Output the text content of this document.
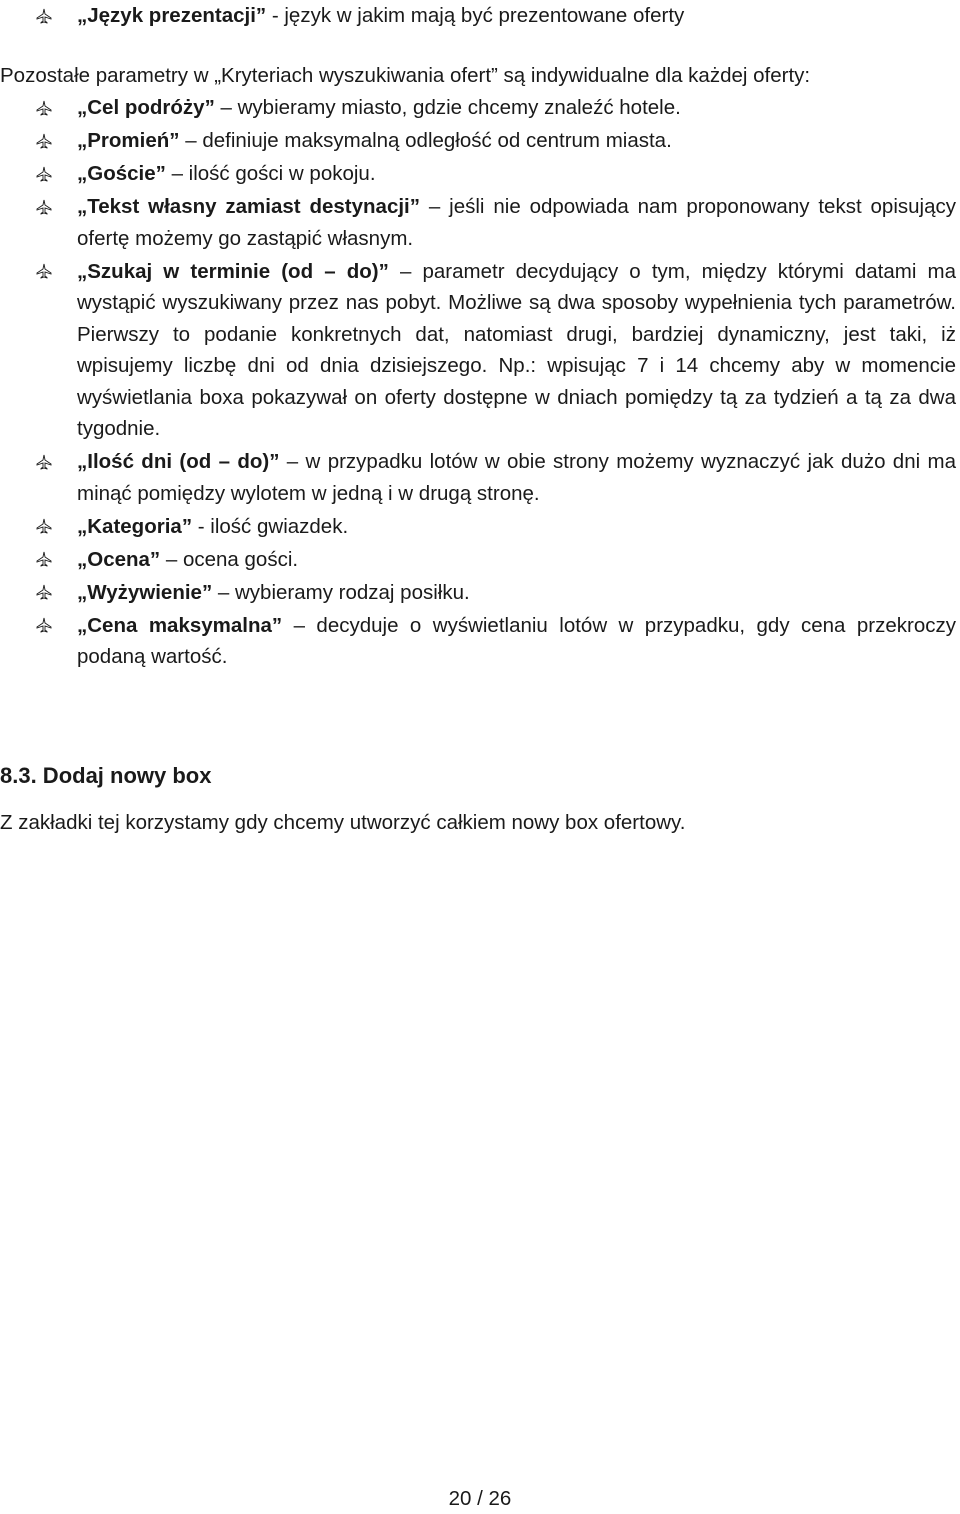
„Język prezentacji” - język w jakim mają być prezentowane oferty

Pozostałe parametry w „Kryteriach wyszukiwania ofert” są indywidualne dla każdej oferty:

„Cel podróży” – wybieramy miasto, gdzie chcemy znaleźć hotele.
„Promień” – definiuje maksymalną odległość od centrum miasta.
„Goście” – ilość gości w pokoju.
„Tekst własny zamiast destynacji” – jeśli nie odpowiada nam proponowany tekst opisujący ofertę możemy go zastąpić własnym.
„Szukaj w terminie (od – do)” – parametr decydujący o tym, między którymi datami ma wystąpić wyszukiwany przez nas pobyt. Możliwe są dwa sposoby wypełnienia tych parametrów. Pierwszy to podanie konkretnych dat, natomiast drugi, bardziej dynamiczny, jest taki, iż wpisujemy liczbę dni od dnia dzisiejszego. Np.: wpisując 7 i 14 chcemy aby w momencie wyświetlania boxa pokazywał on oferty dostępne w dniach pomiędzy tą za tydzień a tą za dwa tygodnie.
„Ilość dni (od – do)” – w przypadku lotów w obie strony możemy wyznaczyć jak dużo dni ma minąć pomiędzy wylotem w jedną i w drugą stronę.
„Kategoria” - ilość gwiazdek.
„Ocena” – ocena gości.
„Wyżywienie” – wybieramy rodzaj posiłku.
„Cena maksymalna” – decyduje o wyświetlaniu lotów w przypadku, gdy cena przekroczy podaną wartość.
8.3. Dodaj nowy box

Z zakładki tej korzystamy gdy chcemy utworzyć całkiem nowy box ofertowy.

20 / 26
